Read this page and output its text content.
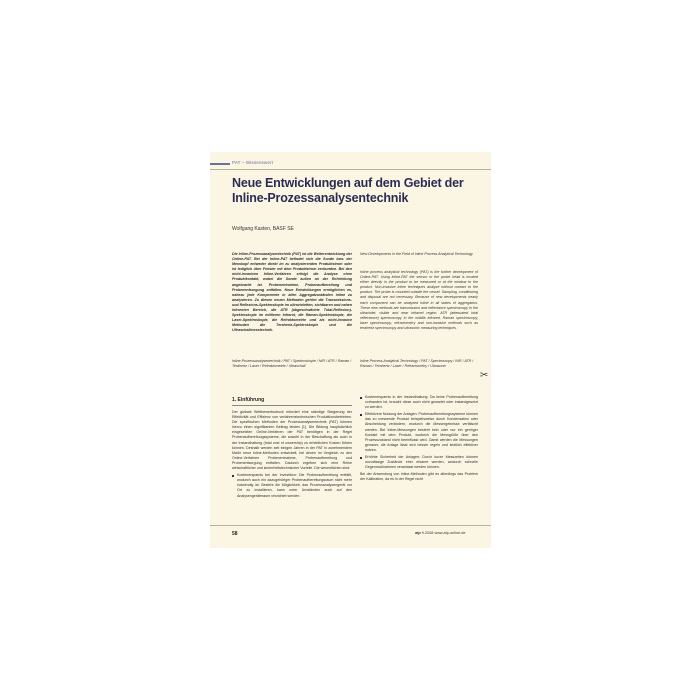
PAT – Wissenswert
Neue Entwicklungen auf dem Gebiet der Inline-Prozessanalysentechnik
Wolfgang Kasten, BASF SE
Die Inline-Prozessanalysentechnik (PAT) ist die Weiterentwicklung der Online-PAT. Bei der Inline-PAT befindet sich die Sonde bzw. der Messkopf entweder direkt im zu analysierenden Produktstrom oder ist lediglich über Fenster mit dem Produktstrom verbunden. Bei den nicht-invasiven Inline-Verfahren erfolgt die Analyse ohne Produktkontakt, wobei die Sonde außen an der Rohrleitung angebracht ist. Probenentnahme, Probenaufbereitung und Probenentsorgung entfallen. Neue Entwicklungen ermöglichen es, nahezu jede Komponente in allen Aggregatzuständen inline zu analysieren. Zu diesen neuen Methoden gehört die Transmissions- und Reflexions-Spektroskopie im ultravioletten, sichtbaren und nahen infraroten Bereich, die ATR (abgeschwächte Total-Reflexion)-Spektroskopie im mittleren Infrarot, die Raman-Spektroskopie, die Laser-Spektroskopie, die Refraktometrie und als nicht-invasive Methoden die Terahertz-Spektroskopie und die Ultraschallmesstechnik.
Inline-Prozessanalysentechnik / PAT / Spektroskopie / NIR / ATR / Raman / Terahertz / Laser / Refraktometrie / Ultraschall
New Developments in the Field of Inline Process Analytical Technology
Inline process analytical technology (PAT) is the further development of Online-PAT. Using inline-PAT the sensor or the probe head is located either directly in the product to be measured or at the window to the product. Non-invasive inline techniques analyse without contact to the product. The probe is mounted outside the vessel. Sampling, conditioning and disposal are not necessary. Because of new developments nearly each component can be analyzed inline in all states of aggregation. These new methods are transmission and reflectance spectroscopy in the ultraviolet, visible and near infrared region, ATR (attenuated total reflectance) spectroscopy in the middle infrared, Raman spectroscopy, laser spectroscopy, refractometry and non-invasive methods such as terahertz spectroscopy and ultrasonic measuring techniques.
Inline Process Analytical Technology / PAT / Spectroscopy / NIR / ATR / Raman / Terahertz / Laser / Refractometry / Ultrasonic
1. Einführung

Der globale Wettbewerbsdruck erfordert eine ständige Steigerung der Effektivität und Effizienz von verfahrenstechnischen Produktionsbetrieben. Die spezifischen Methoden der Prozessanalysentechnik (PAT) können hierzu einen signifikanten Beitrag leisten [1]. Die Bildung hauptsächlich eingesetzten Online-Verfahren der PAT benötigen in der Regel Probenaufbereitungssysteme, die sowohl in der Beschaffung als auch in der Instandhaltung (total cost of ownership) zu erheblichen Kosten führen können. Deshalb werden seit einigen Jahren in der PAT in zunehmendem Maße neue Inline-Methoden entwickelt, bei denen im Vergleich zu den Online-Verfahren Probenentnahme, Probenaufbereitung und Probenentsorgung entfallen. Dadurch ergeben sich eine Reihe wirtschaftlicher und sicherheitstechnischer Vorteile. Die wesentlichen sind:

Kostenersparnis bei der Investition: Die Probenaufbereitung entfällt, wodurch auch ein dazugehöriger Probenaufbereitungsraum nicht mehr notwendig ist. Besteht die Möglichkeit, das Prozessanalysengerät vor Ort zu installieren, kann unter Umständen auch auf den Analysengeräteraum verzichtet werden.

Kostenersparnis in der Instandhaltung: Da keine Probenaufbereitung vorhanden ist, braucht diese auch nicht gewartet oder instandgesetzt zu werden.

Effektivere Nutzung der Anlagen: Probenaufbereitungssysteme können das zu messende Produkt beispielsweise durch Kondensation oder Abscheidung verändern, wodurch die Messergebnisse verfälscht werden. Bei Inline-Messungen besteht kein oder nur ein geringer Kontakt mit dem Produkt, wodurch die Messgröße über den Prozesszustand nicht beeinflusst wird. Damit werden die Messungen genauer, die Anlage lässt sich besser regeln und letztlich effektiver nutzen.

Erhöhte Sicherheit der Anlagen: Durch kurze Messzeiten können unzulässige Zustände eher erkannt werden, wodurch schnelle Gegenmaßnahmen veranlasst werden können.

Bei der Anwendung von Inline-Methoden gibt es allerdings das Problem der Kalibration, da es in der Regel nicht

58	atp 9.2008 www.atp-online.de
✂
